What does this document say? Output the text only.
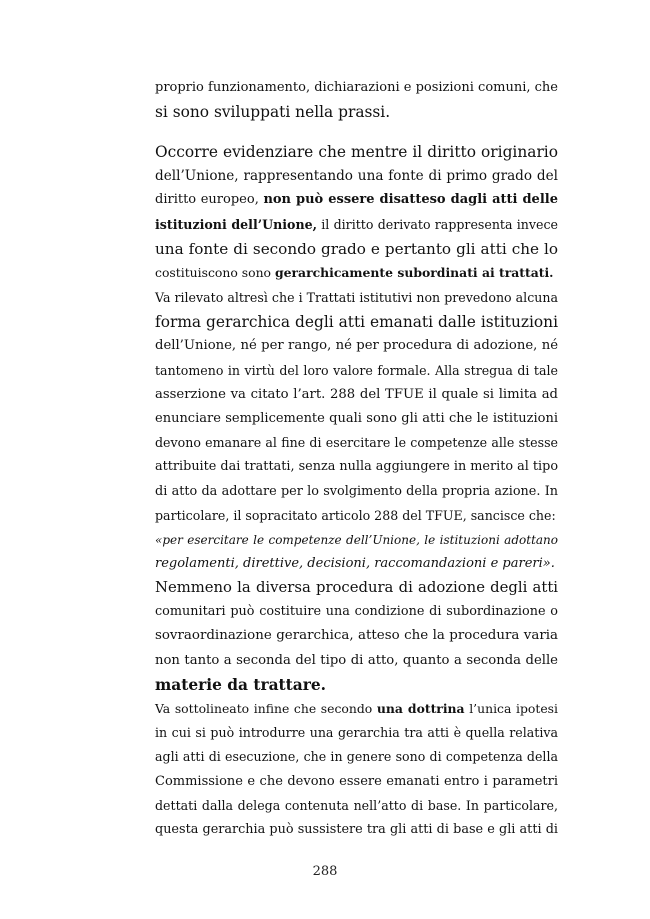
proprio funzionamento, dichiarazioni e posizioni comuni, che
si sono sviluppati nella prassi.
Occorre evidenziare che mentre il diritto originario
dell’Unione, rappresentando una fonte di primo grado del
diritto europeo, non può essere disatteso dagli atti delle
istituzioni dell’Unione, il diritto derivato rappresenta invece
una fonte di secondo grado e pertanto gli atti che lo
costituiscono sono gerarchicamente subordinati ai trattati.
Va rilevato altresì che i Trattati istitutivi non prevedono alcuna
forma gerarchica degli atti emanati dalle istituzioni
dell’Unione, né per rango, né per procedura di adozione, né
tantomeno in virtù del loro valore formale. Alla stregua di tale
asserzione va citato l’art. 288 del TFUE il quale si limita ad
enunciare semplicemente quali sono gli atti che le istituzioni
devono emanare al fine di esercitare le competenze alle stesse
attribuite dai trattati, senza nulla aggiungere in merito al tipo
di atto da adottare per lo svolgimento della propria azione. In
particolare, il sopracitato articolo 288 del TFUE, sancisce che:
«per esercitare le competenze dell’Unione, le istituzioni adottano
regolamenti, direttive, decisioni, raccomandazioni e pareri».
Nemmeno la diversa procedura di adozione degli atti
comunitari può costituire una condizione di subordinazione o
sovraordinazione gerarchica, atteso che la procedura varia
non tanto a seconda del tipo di atto, quanto a seconda delle
materie da trattare.
Va sottolineato infine che secondo una dottrina l’unica ipotesi
in cui si può introdurre una gerarchia tra atti è quella relativa
agli atti di esecuzione, che in genere sono di competenza della
Commissione e che devono essere emanati entro i parametri
dettati dalla delega contenuta nell’atto di base. In particolare,
questa gerarchia può sussistere tra gli atti di base e gli atti di
288
